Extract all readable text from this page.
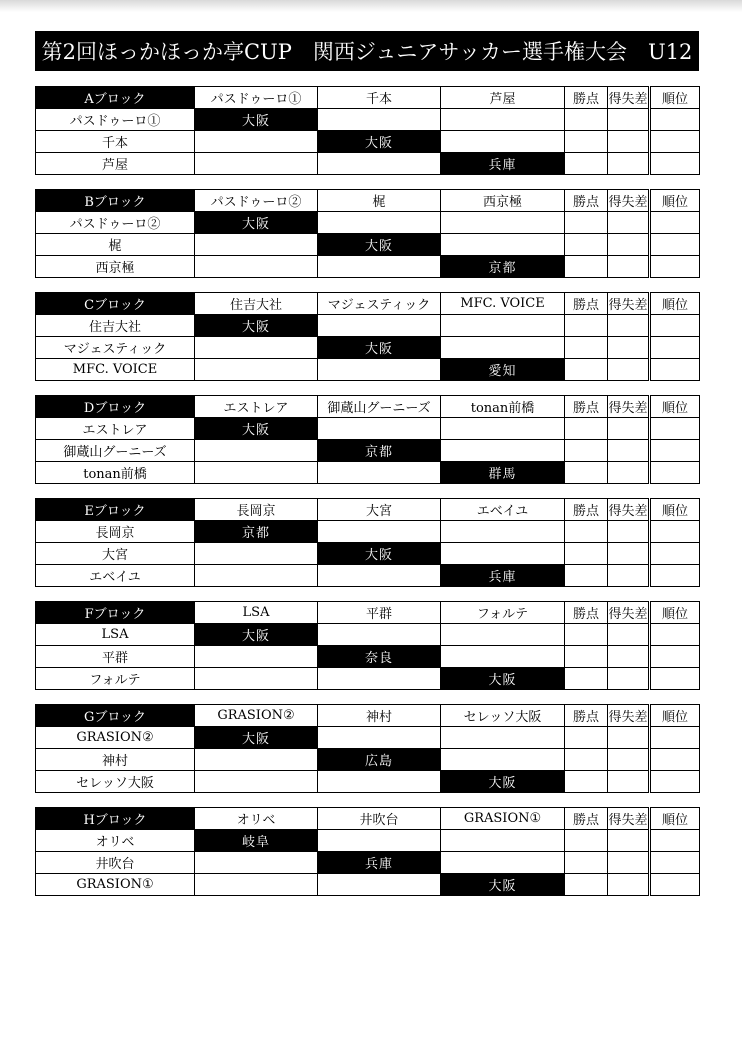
第2回ほっかほっか亭CUP　関西ジュニアサッカー選手権大会　U12
Aブロック	パスドゥーロ①	千本	芦屋	勝点	得失差	順位
パスドゥーロ①	大阪					
千本		大阪				
芦屋			兵庫			
Bブロック	パスドゥーロ②	梶	西京極	勝点	得失差	順位
パスドゥーロ②	大阪					
梶		大阪				
西京極			京都			
Cブロック	住吉大社	マジェスティック	MFC. VOICE	勝点	得失差	順位
住吉大社	大阪					
マジェスティック		大阪				
MFC. VOICE			愛知			
Dブロック	エストレア	御蔵山グーニーズ	tonan前橋	勝点	得失差	順位
エストレア	大阪					
御蔵山グーニーズ		京都				
tonan前橋			群馬			
Eブロック	長岡京	大宮	エベイユ	勝点	得失差	順位
長岡京	京都					
大宮		大阪				
エベイユ			兵庫			
Fブロック	LSA	平群	フォルテ	勝点	得失差	順位
LSA	大阪					
平群		奈良				
フォルテ			大阪			
Gブロック	GRASION②	神村	セレッソ大阪	勝点	得失差	順位
GRASION②	大阪					
神村		広島				
セレッソ大阪			大阪			
Hブロック	オリベ	井吹台	GRASION①	勝点	得失差	順位
オリベ	岐阜					
井吹台		兵庫				
GRASION①			大阪			
